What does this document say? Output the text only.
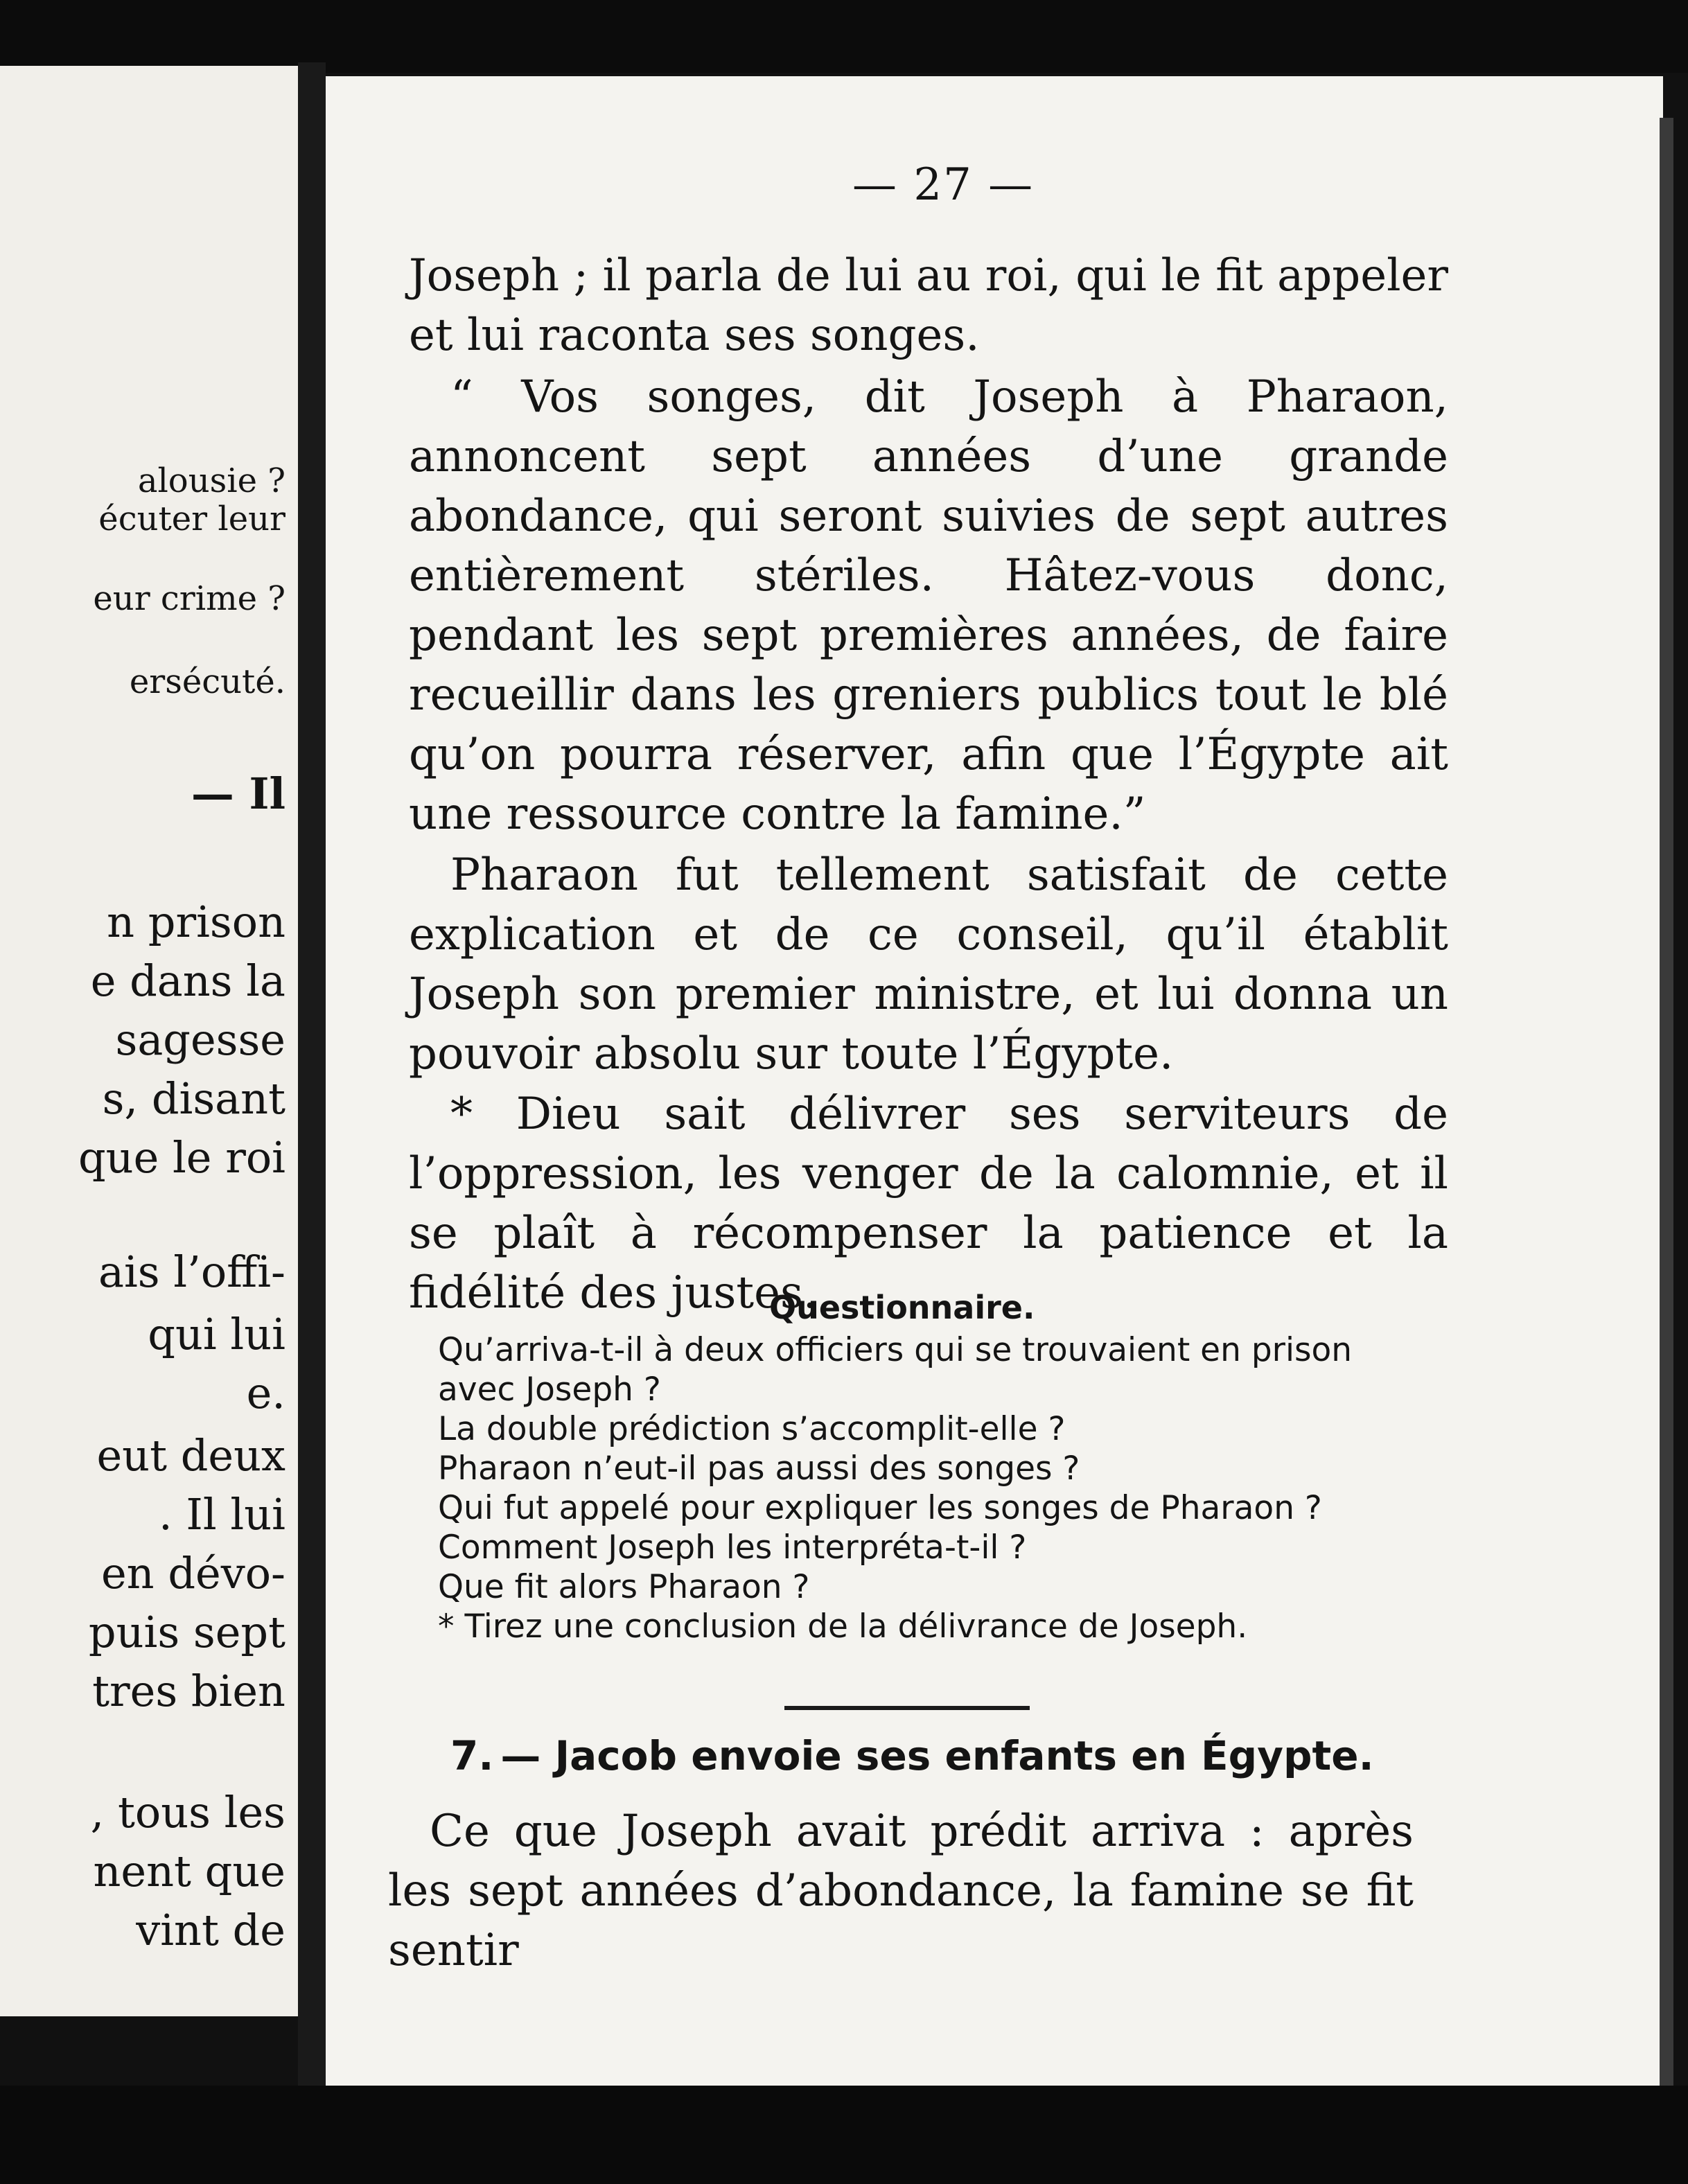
alousie ?
écuter leur
eur crime ?
ersécuté.
— Il
n prison
e dans la
sagesse
s, disant
que le roi
ais l’offi-
qui lui
e.
eut deux
. Il lui
en dévo-
puis sept
tres bien
, tous les
nent que
vint de
— 27 —

Joseph ; il parla de lui au roi, qui le fit appeler et lui raconta ses songes.

“ Vos songes, dit Joseph à Pharaon, annoncent sept années d’une grande abondance, qui seront suivies de sept autres entièrement stériles. Hâtez-vous donc, pendant les sept premières années, de faire recueillir dans les greniers publics tout le blé qu’on pourra réserver, afin que l’Égypte ait une ressource contre la famine.”

Pharaon fut tellement satisfait de cette explication et de ce conseil, qu’il établit Joseph son premier ministre, et lui donna un pouvoir absolu sur toute l’Égypte.

* Dieu sait délivrer ses serviteurs de l’oppression, les venger de la calomnie, et il se plaît à récompenser la patience et la fidélité des justes.

Questionnaire.
Qu’arriva-t-il à deux officiers qui se trouvaient en prison avec Joseph ?
La double prédiction s’accomplit-elle ?
Pharaon n’eut-il pas aussi des songes ?
Qui fut appelé pour expliquer les songes de Pharaon ?
Comment Joseph les interpréta-t-il ?
Que fit alors Pharaon ?
* Tirez une conclusion de la délivrance de Joseph.
7. — Jacob envoie ses enfants en Égypte.

Ce que Joseph avait prédit arriva : après les sept années d’abondance, la famine se fit sentir
